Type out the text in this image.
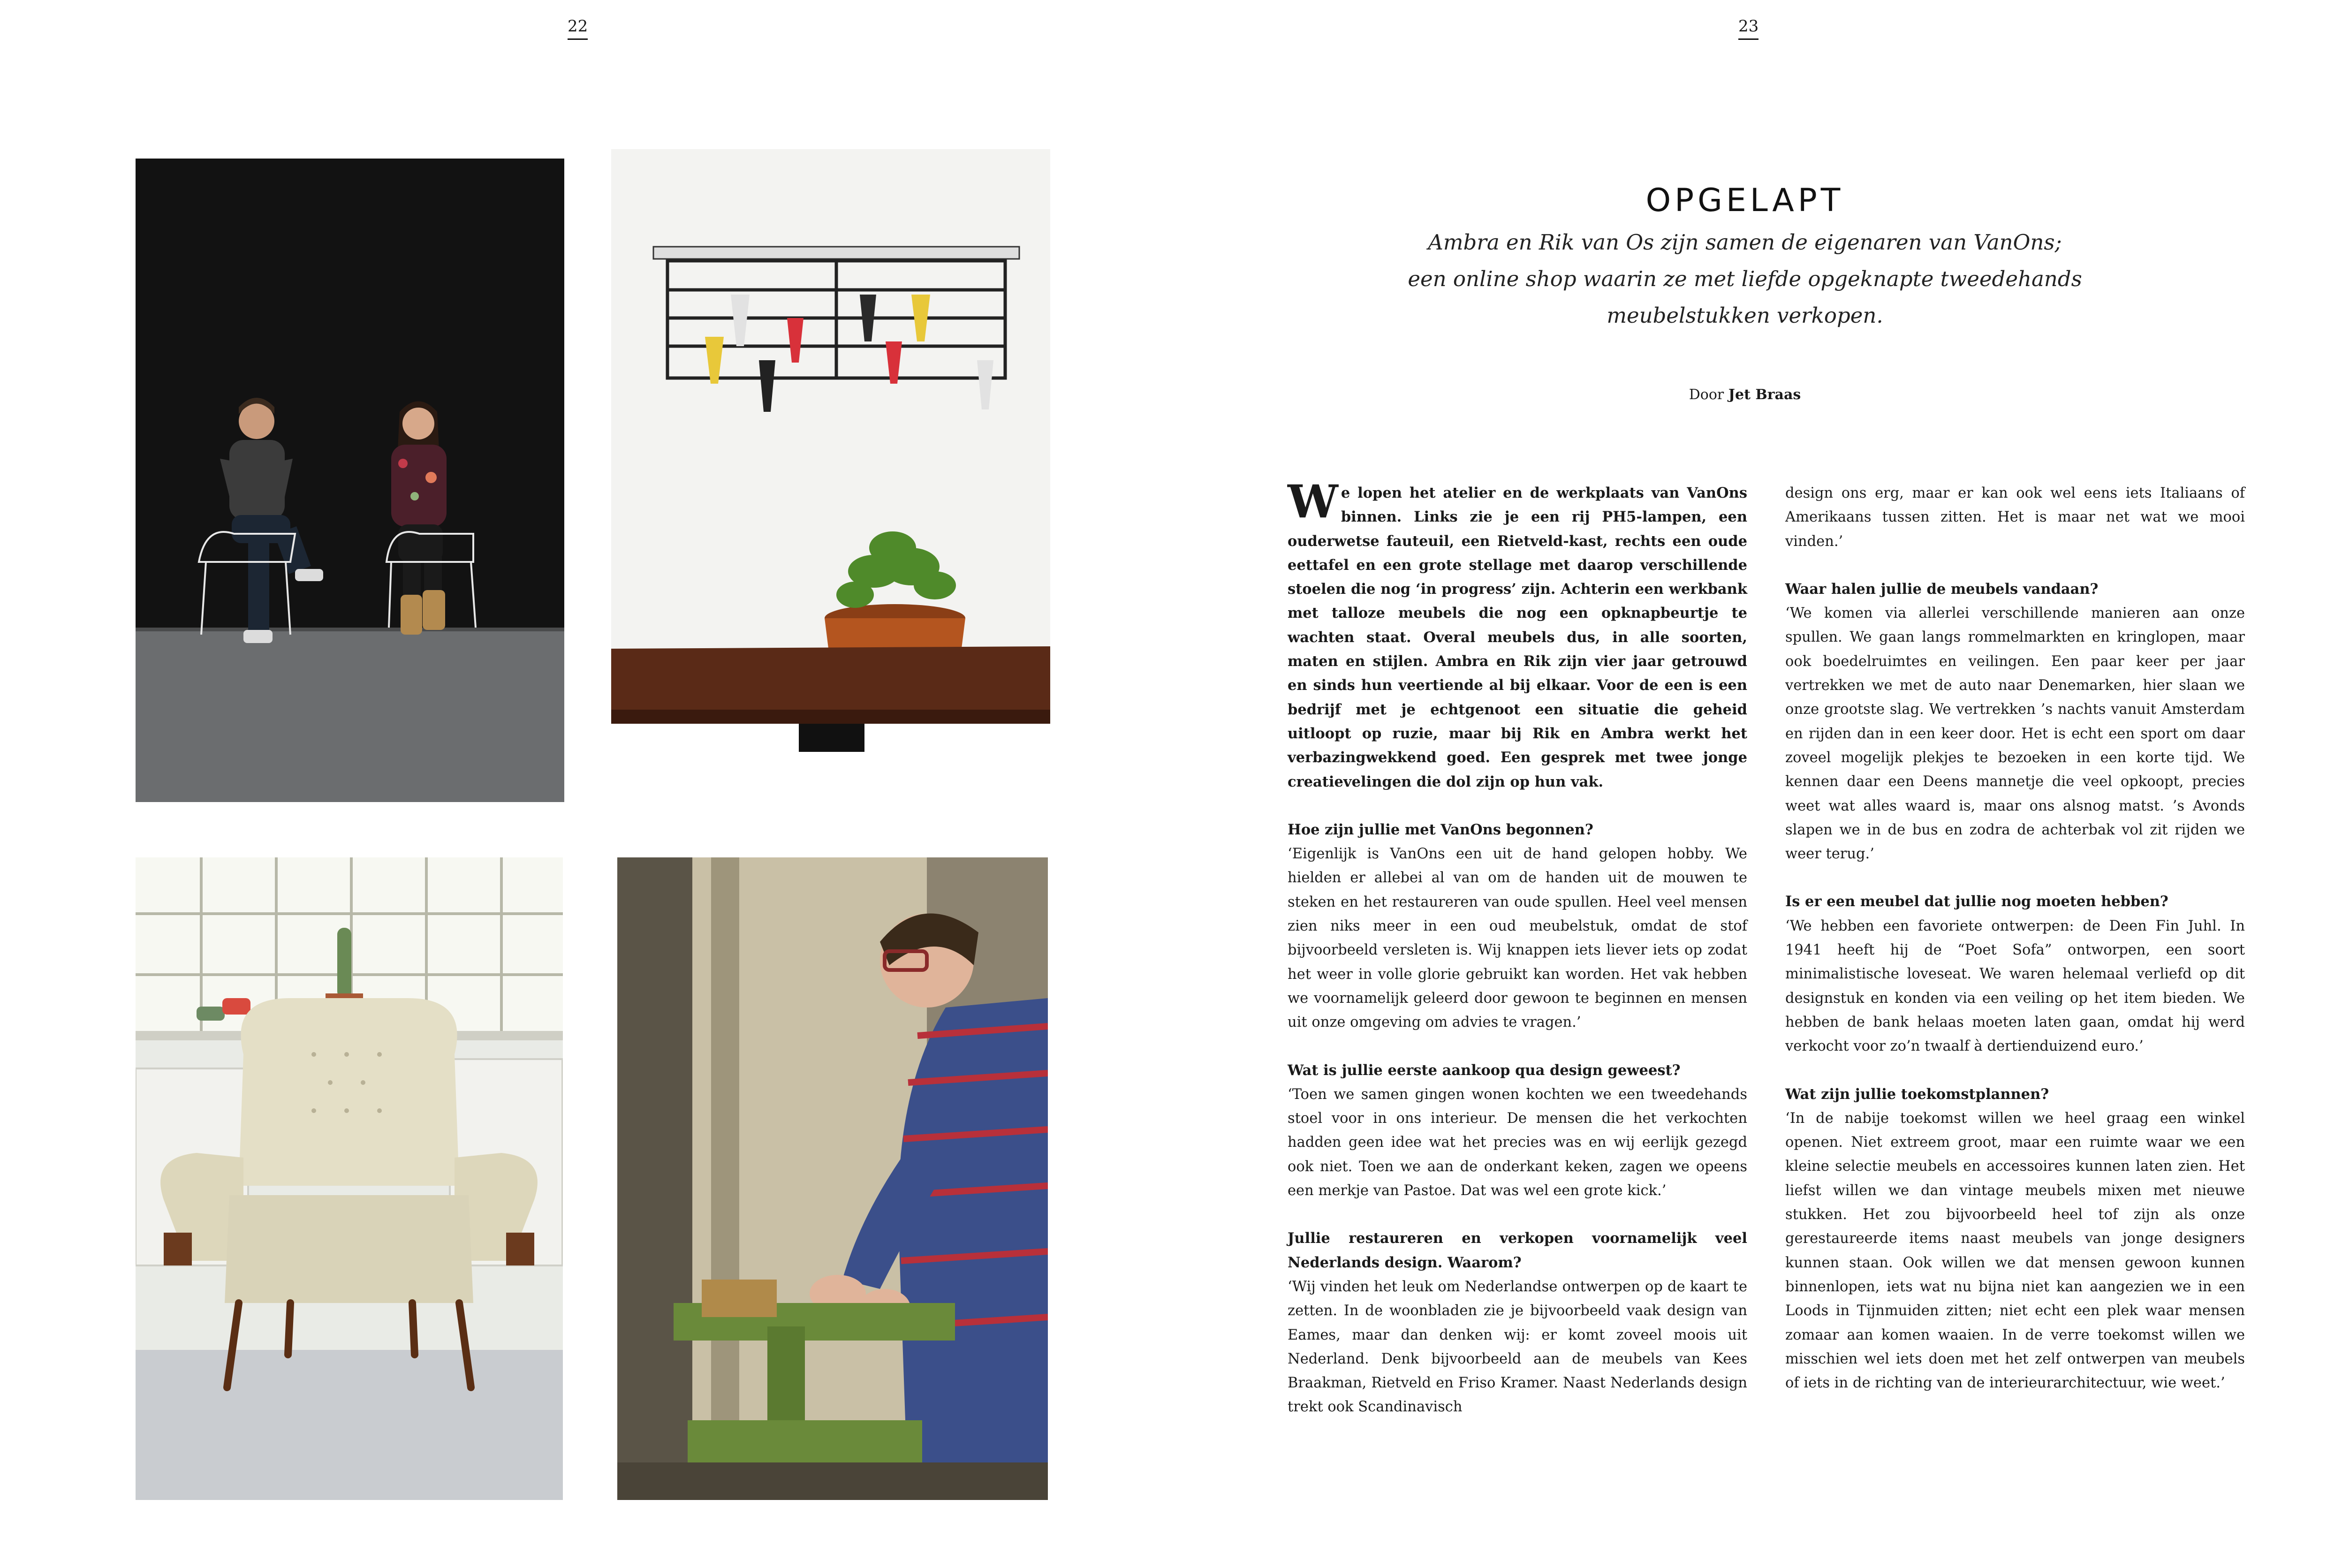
22	23
OPGELAPT
Ambra en Rik van Os zijn samen de eigenaren van VanOns;
een online shop waarin ze met liefde opgeknapte tweedehands
meubelstukken verkopen.
Door Jet Braas

We lopen het atelier en de werkplaats van VanOns binnen. Links zie je een rij PH5-lampen, een ouderwetse fauteuil, een Rietveld-kast, rechts een oude eettafel en een grote stellage met daarop verschillende stoelen die nog ‘in progress’ zijn. Achterin een werkbank met talloze meubels die nog een opknapbeurtje te wachten staat. Overal meubels dus, in alle soorten, maten en stijlen. Ambra en Rik zijn vier jaar getrouwd en sinds hun veertiende al bij elkaar. Voor de een is een bedrijf met je echtgenoot een situatie die geheid uitloopt op ruzie, maar bij Rik en Ambra werkt het verbazingwekkend goed. Een gesprek met twee jonge creatievelingen die dol zijn op hun vak.

Hoe zijn jullie met VanOns begonnen?

‘Eigenlijk is VanOns een uit de hand gelopen hobby. We hielden er allebei al van om de handen uit de mouwen te steken en het restaureren van oude spullen. Heel veel mensen zien niks meer in een oud meubelstuk, omdat de stof bijvoorbeeld versleten is. Wij knappen iets liever iets op zodat het weer in volle glorie gebruikt kan worden. Het vak hebben we voornamelijk geleerd door gewoon te beginnen en mensen uit onze omgeving om advies te vragen.’

Wat is jullie eerste aankoop qua design geweest?

‘Toen we samen gingen wonen kochten we een tweedehands stoel voor in ons interieur. De mensen die het verkochten hadden geen idee wat het precies was en wij eerlijk gezegd ook niet. Toen we aan de onderkant keken, zagen we opeens een merkje van Pastoe. Dat was wel een grote kick.’

Jullie restaureren en verkopen voornamelijk veel Nederlands design. Waarom?

‘Wij vinden het leuk om Nederlandse ontwerpen op de kaart te zetten. In de woonbladen zie je bijvoorbeeld vaak design van Eames, maar dan denken wij: er komt zoveel moois uit Nederland. Denk bijvoorbeeld aan de meubels van Kees Braakman, Rietveld en Friso Kramer. Naast Nederlands design trekt ook Scandinavisch

design ons erg, maar er kan ook wel eens iets Italiaans of Amerikaans tussen zitten. Het is maar net wat we mooi vinden.’

Waar halen jullie de meubels vandaan?

‘We komen via allerlei verschillende manieren aan onze spullen. We gaan langs rommelmarkten en kringlopen, maar ook boedelruimtes en veilingen. Een paar keer per jaar vertrekken we met de auto naar Denemarken, hier slaan we onze grootste slag. We vertrekken ’s nachts vanuit Amsterdam en rijden dan in een keer door. Het is echt een sport om daar zoveel mogelijk plekjes te bezoeken in een korte tijd. We kennen daar een Deens mannetje die veel opkoopt, precies weet wat alles waard is, maar ons alsnog matst. ’s Avonds slapen we in de bus en zodra de achterbak vol zit rijden we weer terug.’

Is er een meubel dat jullie nog moeten hebben?

‘We hebben een favoriete ontwerpen: de Deen Fin Juhl. In 1941 heeft hij de “Poet Sofa” ontworpen, een soort minimalistische loveseat. We waren helemaal verliefd op dit designstuk en konden via een veiling op het item bieden. We hebben de bank helaas moeten laten gaan, omdat hij werd verkocht voor zo’n twaalf à dertienduizend euro.’

Wat zijn jullie toekomstplannen?

‘In de nabije toekomst willen we heel graag een winkel openen. Niet extreem groot, maar een ruimte waar we een kleine selectie meubels en accessoires kunnen laten zien. Het liefst willen we dan vintage meubels mixen met nieuwe stukken. Het zou bijvoorbeeld heel tof zijn als onze gerestaureerde items naast meubels van jonge designers kunnen staan. Ook willen we dat mensen gewoon kunnen binnenlopen, iets wat nu bijna niet kan aangezien we in een Loods in Tijnmuiden zitten; niet echt een plek waar mensen zomaar aan komen waaien. In de verre toekomst willen we misschien wel iets doen met het zelf ontwerpen van meubels of iets in de richting van de interieurarchitectuur, wie weet.’
